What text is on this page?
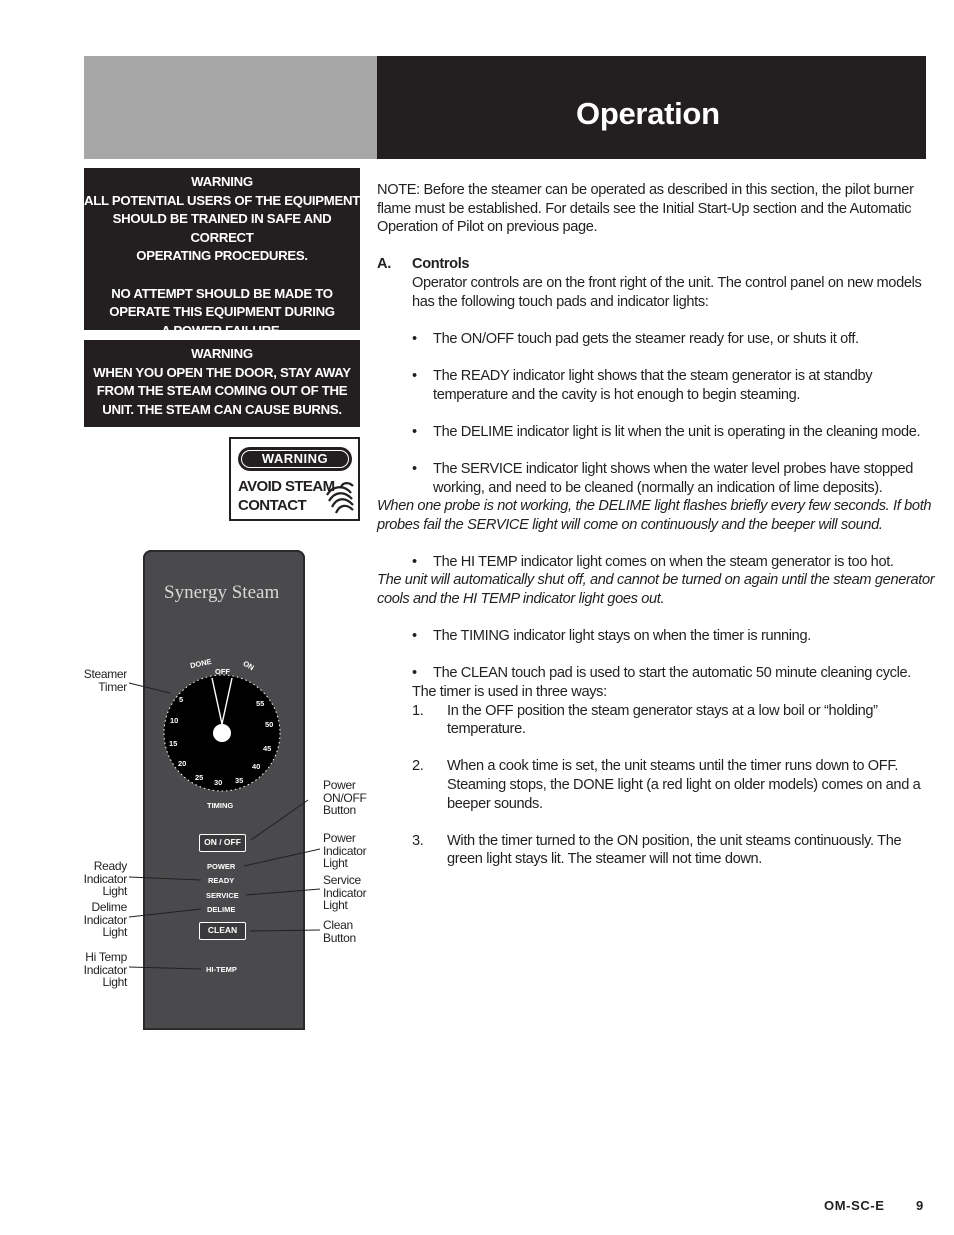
Operation

WARNING

ALL POTENTIAL USERS OF THE EQUIPMENT

SHOULD BE TRAINED IN SAFE AND CORRECT

OPERATING PROCEDURES.

NO ATTEMPT SHOULD BE MADE TO

OPERATE THIS EQUIPMENT DURING

A POWER FAILURE.

WARNING

WHEN YOU OPEN THE DOOR, STAY AWAY

FROM THE STEAM COMING OUT OF THE

UNIT. THE STEAM CAN CAUSE BURNS.

WARNING
AVOID STEAM
CONTACT
Synergy Steam
DONE
OFF ON
5
10
15
20
25
30 35
40
45
50
55
TIMING
ON / OFF
POWER
READY
SERVICE
DELIME
CLEAN
HI-TEMP
Steamer
Timer
Ready
Indicator
Light
Delime
Indicator
Light
Hi Temp
Indicator
Light
Power
ON/OFF
Button
Power
Indicator
Light
Service
Indicator
Light
Clean
Button

NOTE: Before the steamer can be operated as described in this section, the pilot burner flame must be established. For details see the Initial Start-Up section and the Automatic Operation of Pilot on previous page.

A.	Controls

Operator controls are on the front right of the unit. The control panel on new models has the following touch pads and indicator lights:

•	The ON/OFF touch pad gets the steamer ready for use, or shuts it off.
•	The READY indicator light shows that the steam generator is at standby temperature and the cavity is hot enough to begin steaming.
•	The DELIME indicator light is lit when the unit is operating in the cleaning mode.
•	The SERVICE indicator light shows when the water level probes have stopped working, and need to be cleaned (normally an indication of lime deposits).

When one probe is not working, the DELIME light flashes briefly every few seconds. If both probes fail the SERVICE light will come on continuously and the beeper will sound.

•	The HI TEMP indicator light comes on when the steam generator is too hot.

The unit will automatically shut off, and cannot be turned on again until the steam generator cools and the HI TEMP indicator light goes out.

•	The TIMING indicator light stays on when the timer is running.
•	The CLEAN touch pad is used to start the automatic 50 minute cleaning cycle.

The timer is used in three ways:

1.	In the OFF position the steam generator stays at a low boil or “holding” temperature.
2.	When a cook time is set, the unit steams until the timer runs down to OFF. Steaming stops, the DONE light (a red light on older models) comes on and a beeper sounds.
3.	With the timer turned to the ON position, the unit steams continuously. The green light stays lit. The steamer will not time down.
OM-SC-E 9
